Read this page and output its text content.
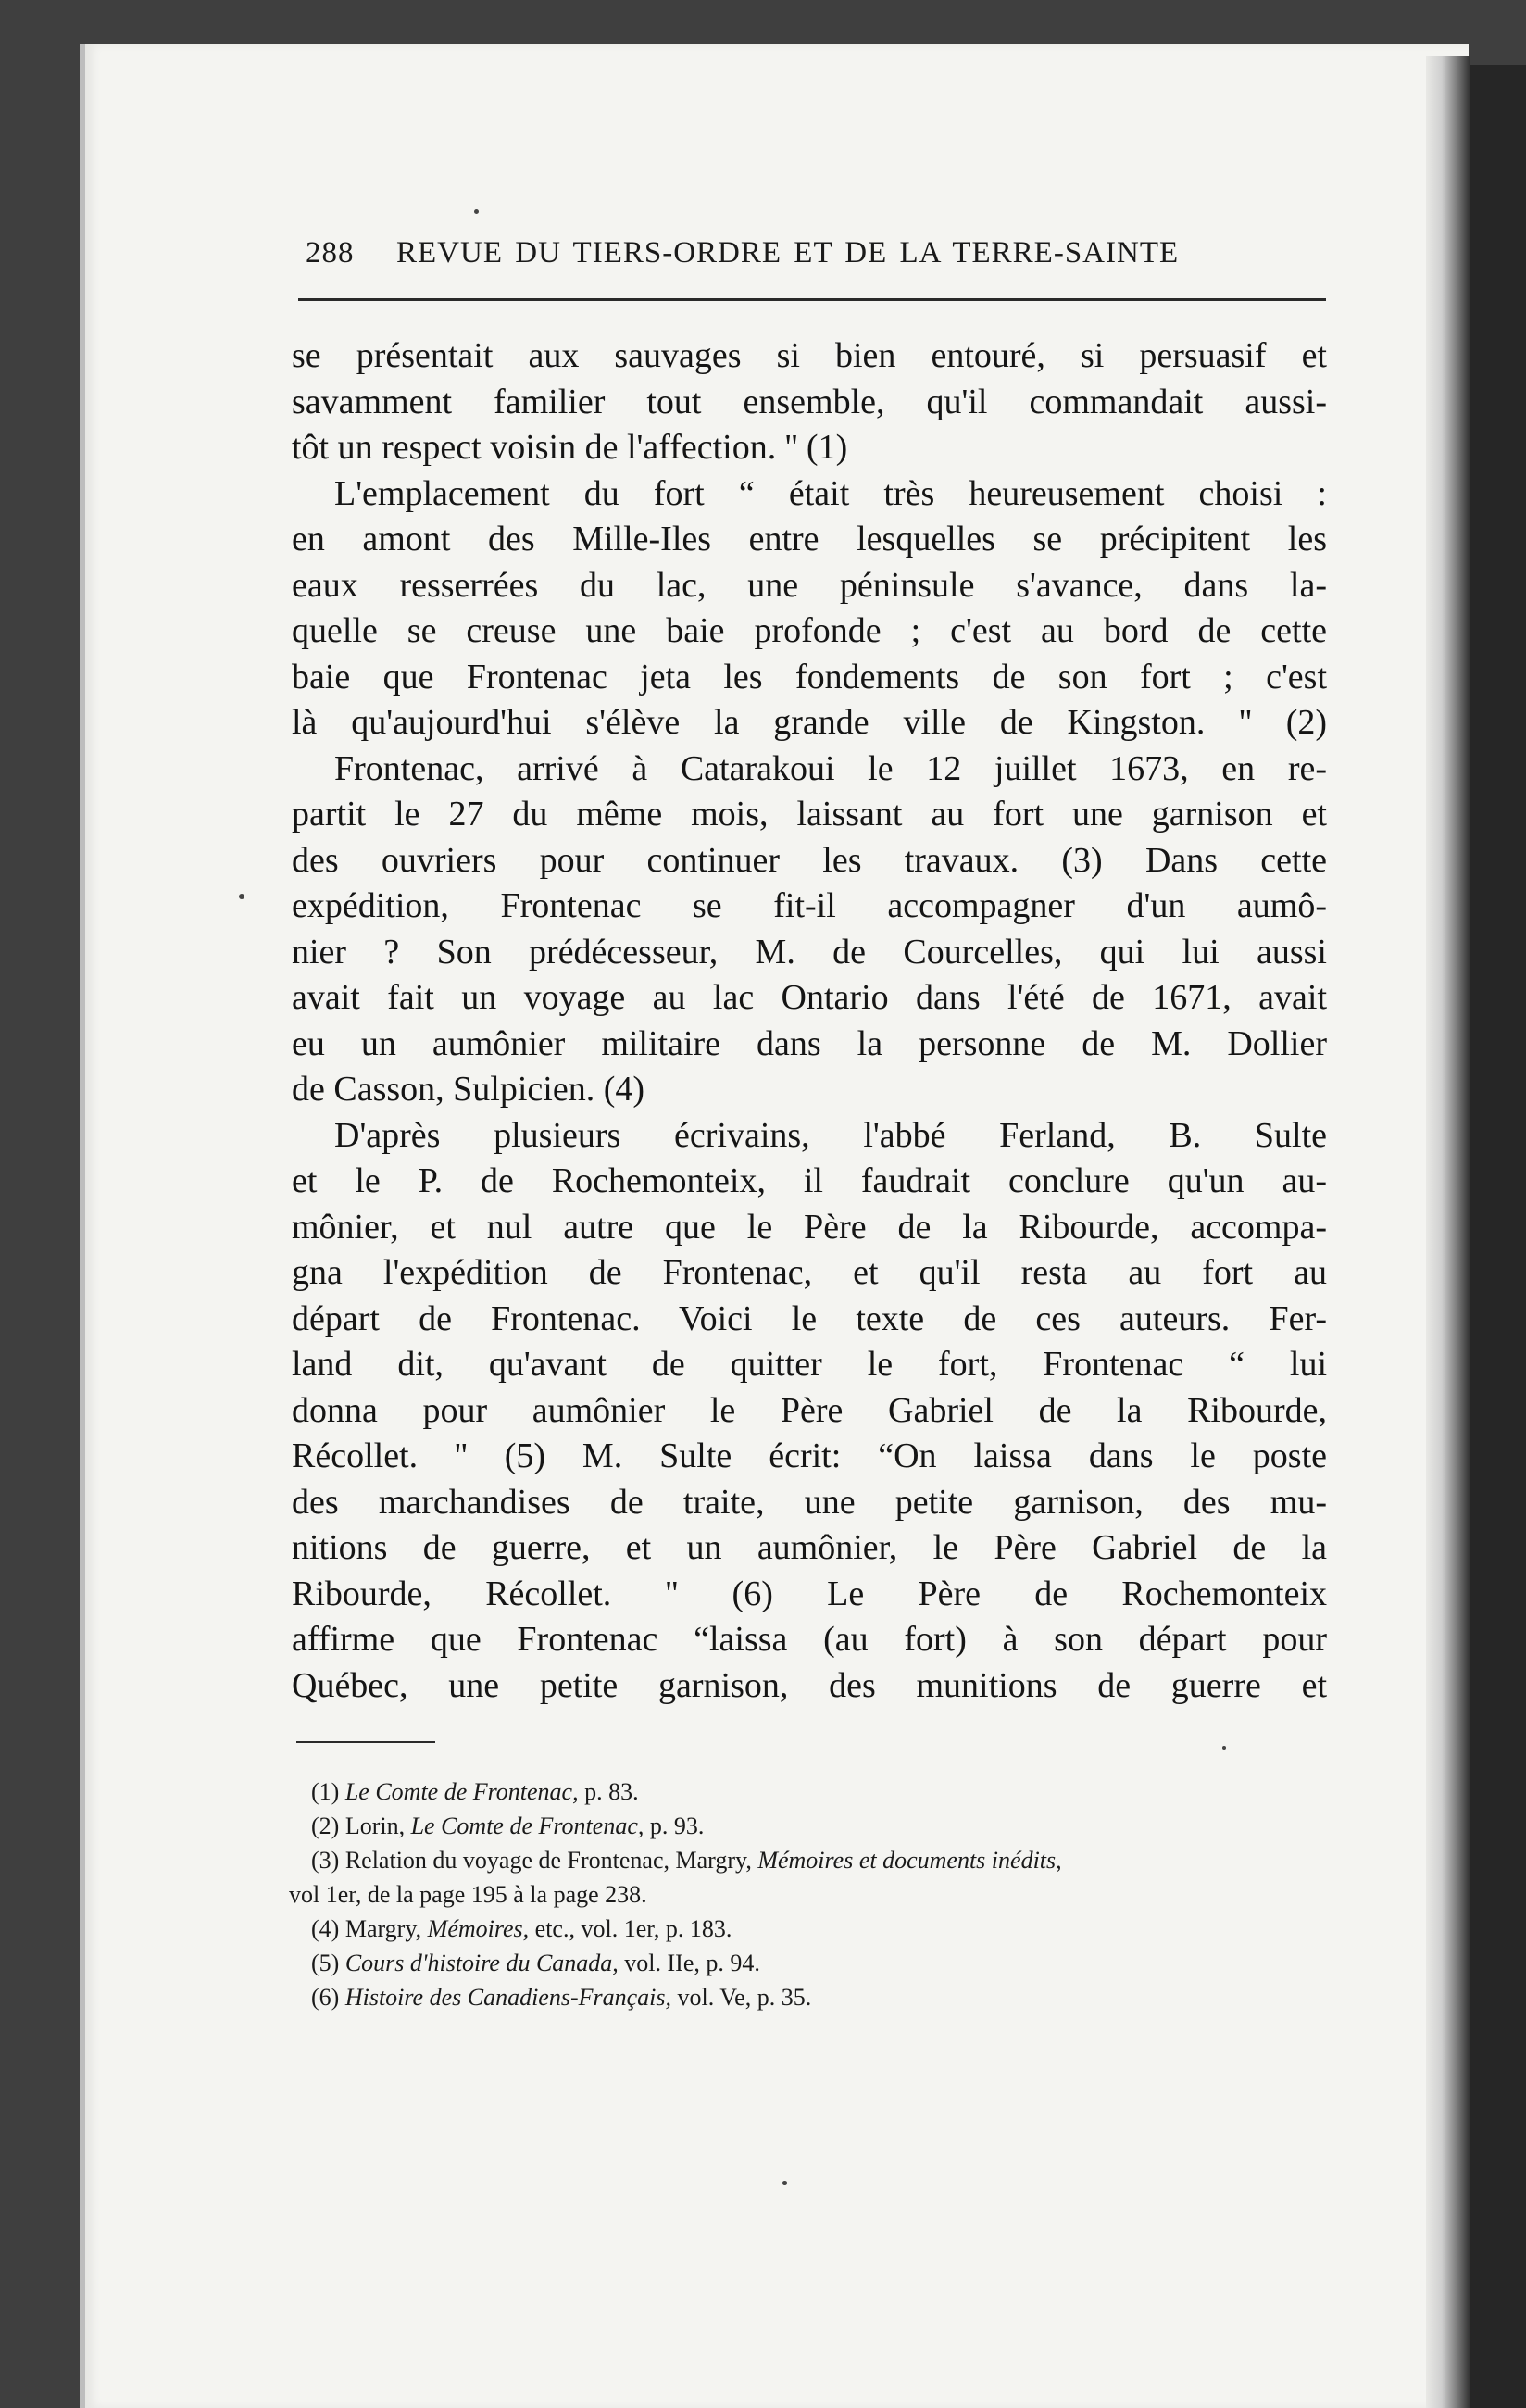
288 REVUE DU TIERS-ORDRE ET DE LA TERRE-SAINTE
se présentait aux sauvages si bien entouré, si persuasif et
savamment familier tout ensemble, qu'il commandait aussi-
tôt un respect voisin de l'affection. '' (1)
L'emplacement du fort “ était très heureusement choisi :
en amont des Mille-Iles entre lesquelles se précipitent les
eaux resserrées du lac, une péninsule s'avance, dans la-
quelle se creuse une baie profonde ; c'est au bord de cette
baie que Frontenac jeta les fondements de son fort ; c'est
là qu'aujourd'hui s'élève la grande ville de Kingston. '' (2)
Frontenac, arrivé à Catarakoui le 12 juillet 1673, en re-
partit le 27 du même mois, laissant au fort une garnison et
des ouvriers pour continuer les travaux. (3) Dans cette
expédition, Frontenac se fit-il accompagner d'un aumô-
nier ? Son prédécesseur, M. de Courcelles, qui lui aussi
avait fait un voyage au lac Ontario dans l'été de 1671, avait
eu un aumônier militaire dans la personne de M. Dollier
de Casson, Sulpicien. (4)
D'après plusieurs écrivains, l'abbé Ferland, B. Sulte
et le P. de Rochemonteix, il faudrait conclure qu'un au-
mônier, et nul autre que le Père de la Ribourde, accompa-
gna l'expédition de Frontenac, et qu'il resta au fort au
départ de Frontenac. Voici le texte de ces auteurs. Fer-
land dit, qu'avant de quitter le fort, Frontenac “ lui
donna pour aumônier le Père Gabriel de la Ribourde,
Récollet. '' (5) M. Sulte écrit: “On laissa dans le poste
des marchandises de traite, une petite garnison, des mu-
nitions de guerre, et un aumônier, le Père Gabriel de la
Ribourde, Récollet. '' (6) Le Père de Rochemonteix
affirme que Frontenac “laissa (au fort) à son départ pour
Québec, une petite garnison, des munitions de guerre et
(1) Le Comte de Frontenac, p. 83.
(2) Lorin, Le Comte de Frontenac, p. 93.
(3) Relation du voyage de Frontenac, Margry, Mémoires et documents inédits,
vol 1er, de la page 195 à la page 238.
(4) Margry, Mémoires, etc., vol. 1er, p. 183.
(5) Cours d'histoire du Canada, vol. IIe, p. 94.
(6) Histoire des Canadiens-Français, vol. Ve, p. 35.
